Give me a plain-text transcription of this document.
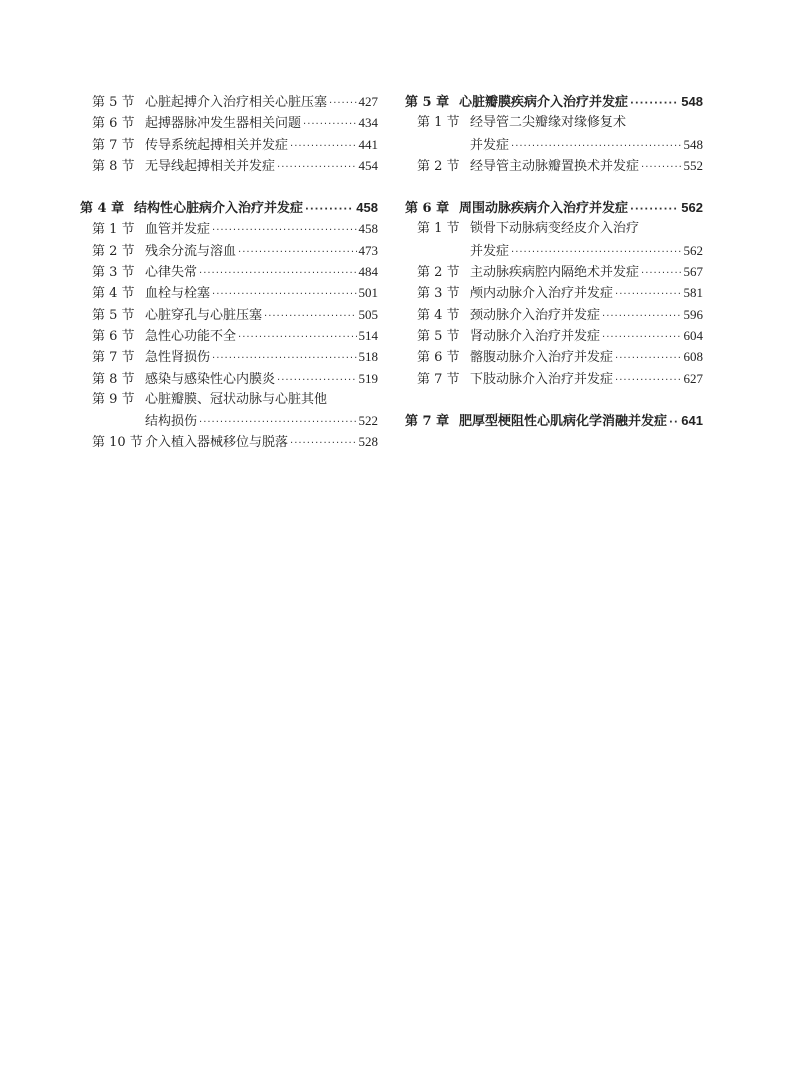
第 5 节 心脏起搏介入治疗相关心脏压塞 ····· 427
第 6 节 起搏器脉冲发生器相关问题 ·····	434
第 7 节 传导系统起搏相关并发症 ·····	441
第 8 节 无导线起搏相关并发症 ·····	454
第 4 章 结构性心脏病介入治疗并发症 ·····	458
第 1 节 血管并发症 ·····	458
第 2 节 残余分流与溶血 ·····	473
第 3 节 心律失常 ·····	484
第 4 节 血栓与栓塞 ·····	501
第 5 节 心脏穿孔与心脏压塞 ·····	505
第 6 节 急性心功能不全 ·····	514
第 7 节 急性肾损伤 ·····	518
第 8 节 感染与感染性心内膜炎 ·····	519
第 9 节 心脏瓣膜、冠状动脉与心脏其他
结构损伤 ·····	522
第 10 节 介入植入器械移位与脱落 ·····	528
第 5 章 心脏瓣膜疾病介入治疗并发症 ·····	548
第 1 节 经导管二尖瓣缘对缘修复术
并发症 ·····	548
第 2 节 经导管主动脉瓣置换术并发症 ·····	552
第 6 章 周围动脉疾病介入治疗并发症 ·····	562
第 1 节 锁骨下动脉病变经皮介入治疗
并发症 ·····	562
第 2 节 主动脉疾病腔内隔绝术并发症 ·····	567
第 3 节 颅内动脉介入治疗并发症 ·····	581
第 4 节 颈动脉介入治疗并发症 ·····	596
第 5 节 肾动脉介入治疗并发症 ·····	604
第 6 节 髂腹动脉介入治疗并发症 ·····	608
第 7 节 下肢动脉介入治疗并发症 ·····	627
第 7 章 肥厚型梗阻性心肌病化学消融并发症 ····· 641
